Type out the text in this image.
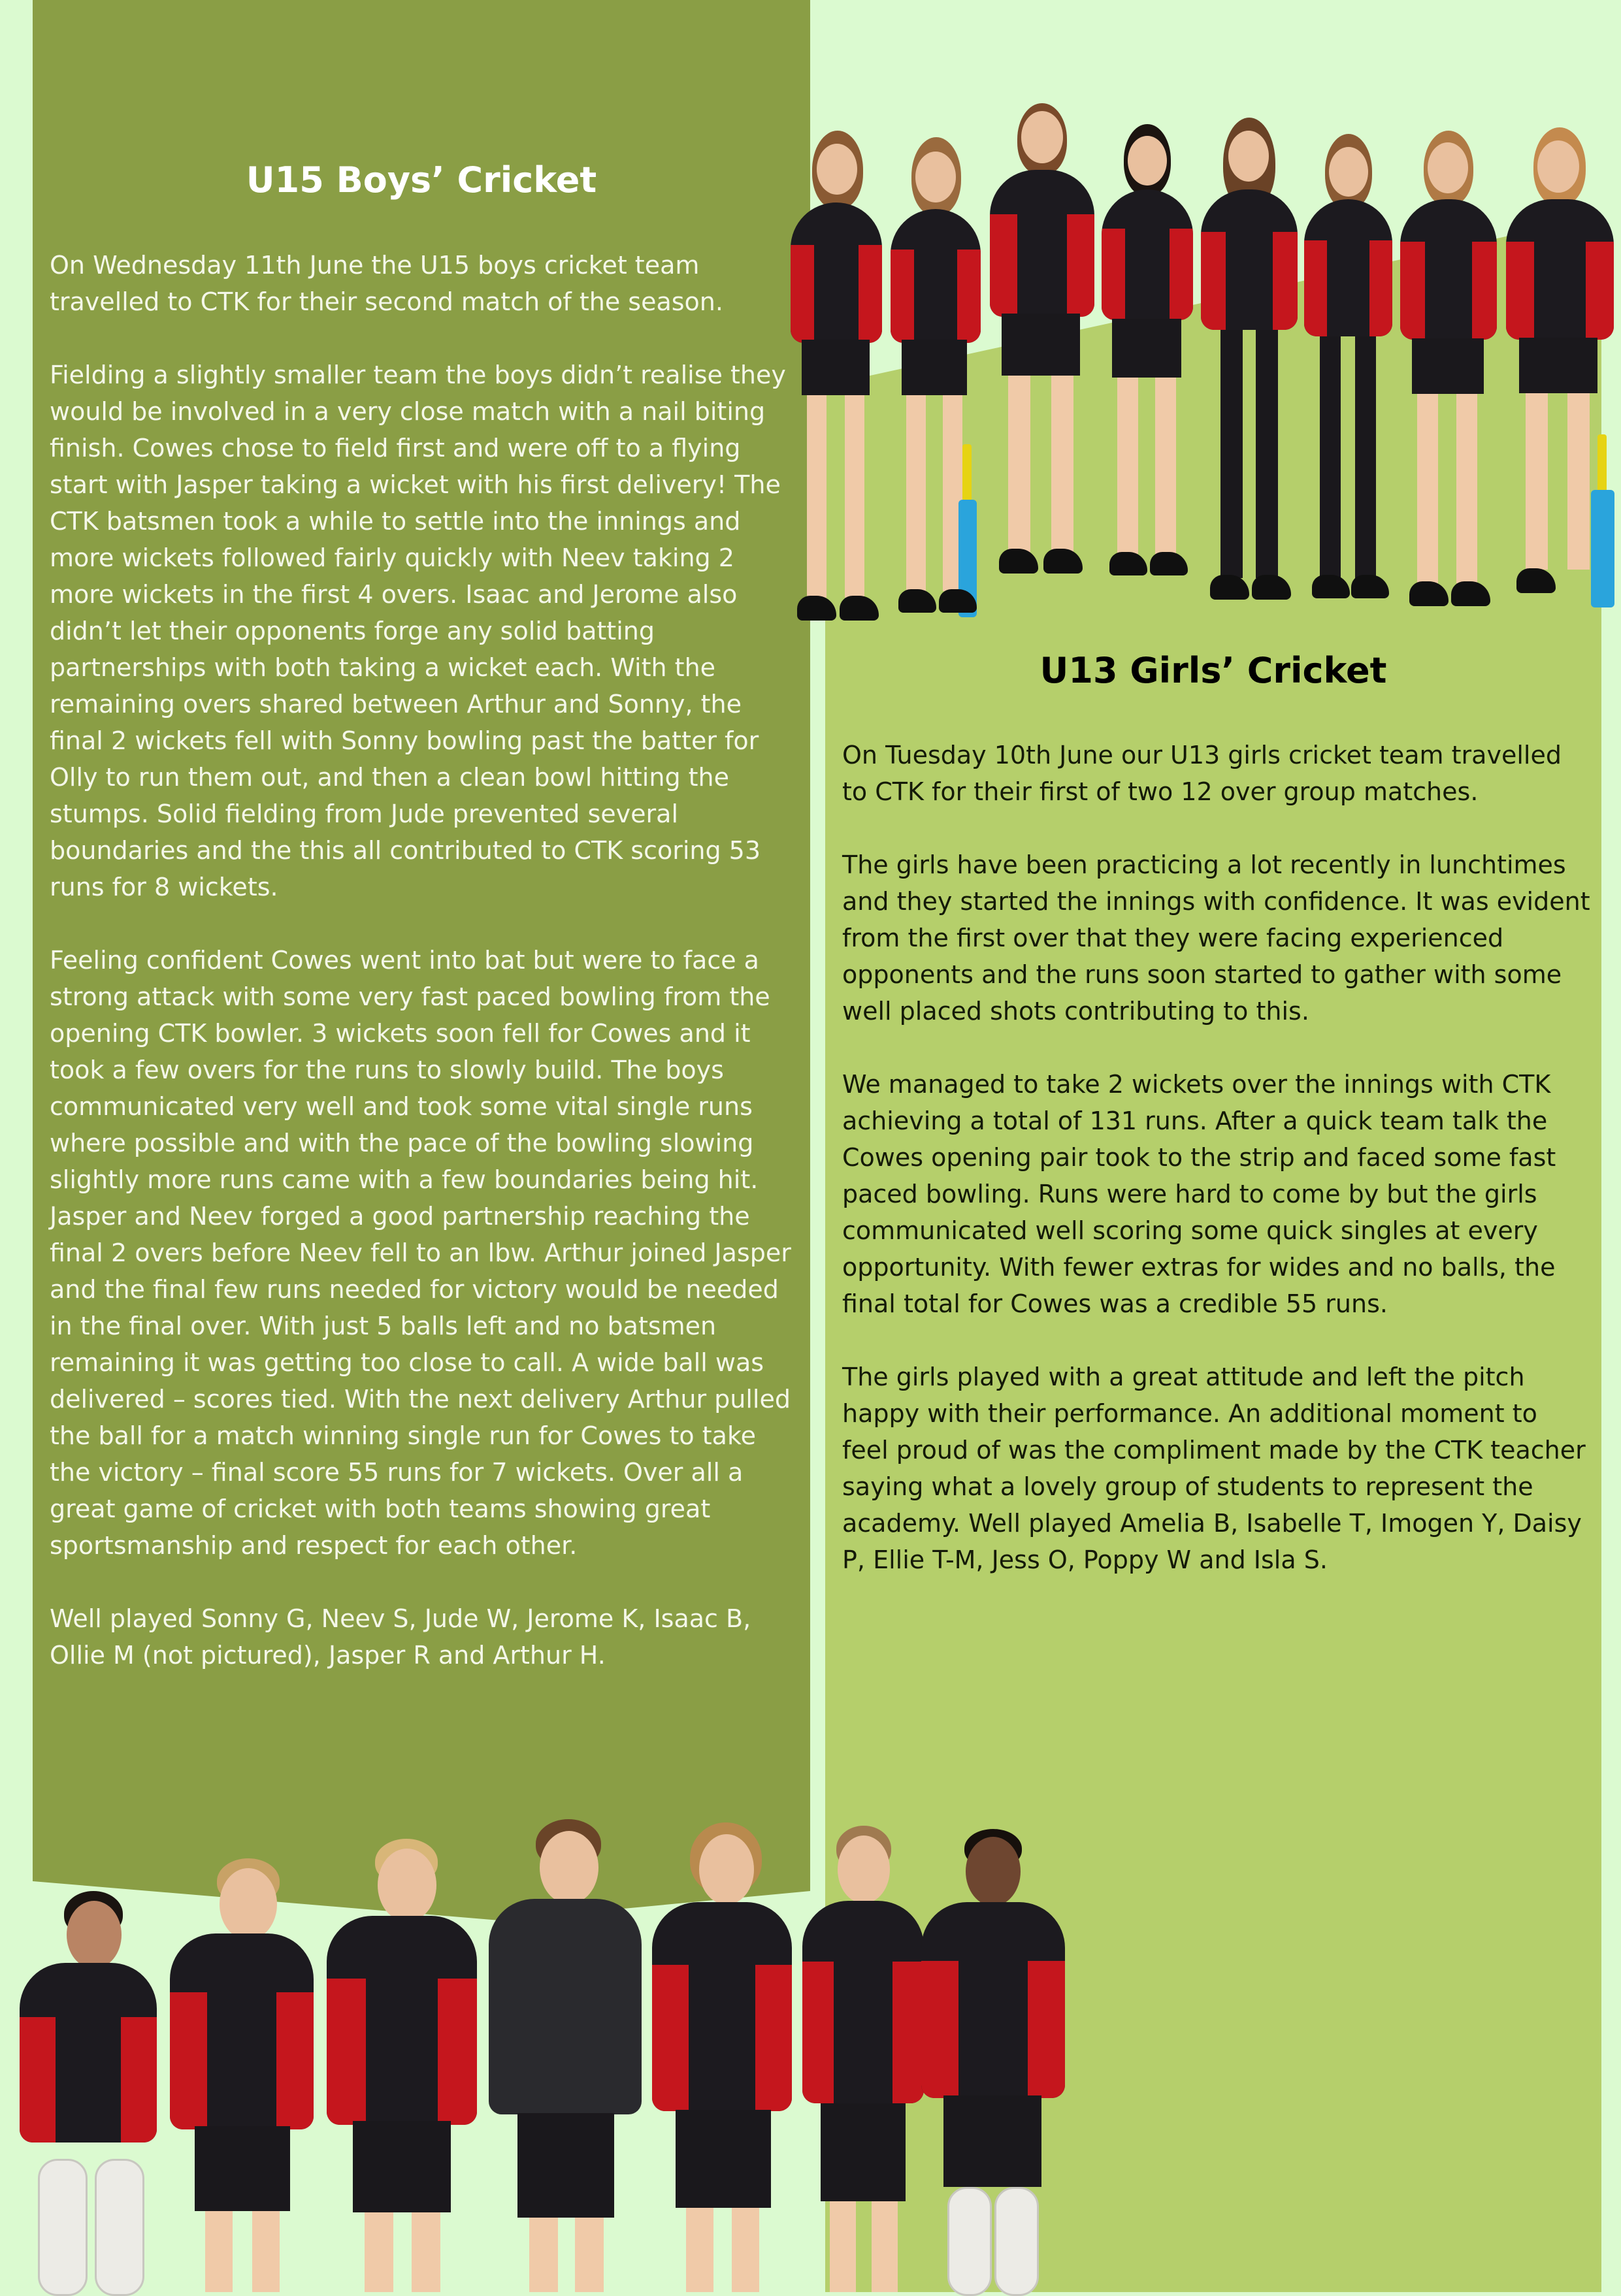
U15 Boys’ Cricket

On Wednesday 11th June the U15 boys cricket team travelled to CTK for their second match of the season.

Fielding a slightly smaller team the boys didn’t realise they would be involved in a very close match with a nail biting finish. Cowes chose to field first and were off to a flying start with Jasper taking a wicket with his first delivery! The CTK batsmen took a while to settle into the innings and more wickets followed fairly quickly with Neev taking 2 more wickets in the first 4 overs. Isaac and Jerome also didn’t let their opponents forge any solid batting partnerships with both taking a wicket each. With the remaining overs shared between Arthur and Sonny, the final 2 wickets fell with Sonny bowling past the batter for Olly to run them out, and then a clean bowl hitting the stumps. Solid fielding from Jude prevented several boundaries and the this all contributed to CTK scoring 53 runs for 8 wickets.

Feeling confident Cowes went into bat but were to face a strong attack with some very fast paced bowling from the opening CTK bowler. 3 wickets soon fell for Cowes and it took a few overs for the runs to slowly build. The boys communicated very well and took some vital single runs where possible and with the pace of the bowling slowing slightly more runs came with a few boundaries being hit. Jasper and Neev forged a good partnership reaching the final 2 overs before Neev fell to an lbw. Arthur joined Jasper and the final few runs needed for victory would be needed in the final over. With just 5 balls left and no batsmen remaining it was getting too close to call. A wide ball was delivered – scores tied. With the next delivery Arthur pulled the ball for a match winning single run for Cowes to take the victory – final score 55 runs for 7 wickets. Over all a great game of cricket with both teams showing great sportsmanship and respect for each other.

Well played Sonny G, Neev S, Jude W, Jerome K, Isaac B, Ollie M (not pictured), Jasper R and Arthur H.

U13 Girls’ Cricket

On Tuesday 10th June our U13 girls cricket team travelled to CTK for their first of two 12 over group matches.

The girls have been practicing a lot recently in lunchtimes and they started the innings with confidence. It was evident from the first over that they were facing experienced opponents and the runs soon started to gather with some well placed shots contributing to this.

We managed to take 2 wickets over the innings with CTK achieving a total of 131 runs. After a quick team talk the Cowes opening pair took to the strip and faced some fast paced bowling. Runs were hard to come by but the girls communicated well scoring some quick singles at every opportunity. With fewer extras for wides and no balls, the final total for Cowes was a credible 55 runs.

The girls played with a great attitude and left the pitch happy with their performance. An additional moment to feel proud of was the compliment made by the CTK teacher saying what a lovely group of students to represent the academy. Well played Amelia B, Isabelle T, Imogen Y, Daisy P, Ellie T-M, Jess O, Poppy W and Isla S.
